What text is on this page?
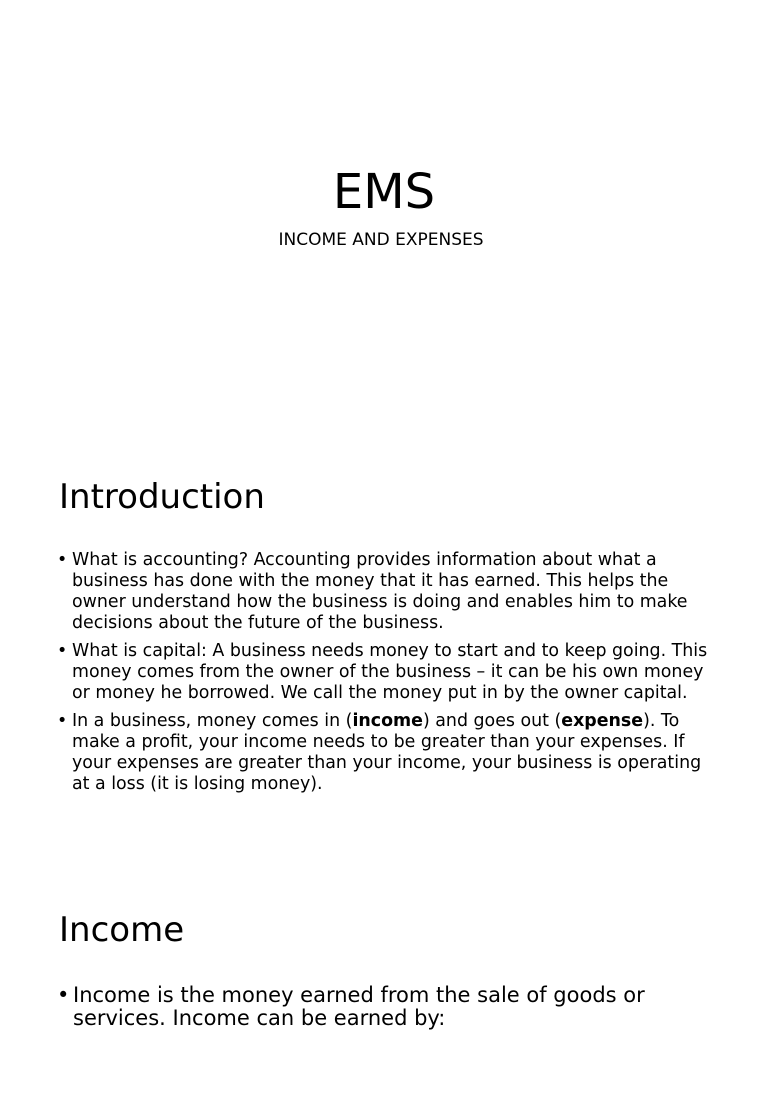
EMS

INCOME AND EXPENSES

Introduction
• What is accounting? Accounting provides information about what a business has done with the money that it has earned. This helps the owner understand how the business is doing and enables him to make decisions about the future of the business.
• What is capital: A business needs money to start and to keep going. This money comes from the owner of the business – it can be his own money or money he borrowed. We call the money put in by the owner capital.
• In a business, money comes in (income) and goes out (expense). To make a profit, your income needs to be greater than your expenses. If your expenses are greater than your income, your business is operating at a loss (it is losing money).
Income
• Income is the money earned from the sale of goods or services. Income can be earned by:
